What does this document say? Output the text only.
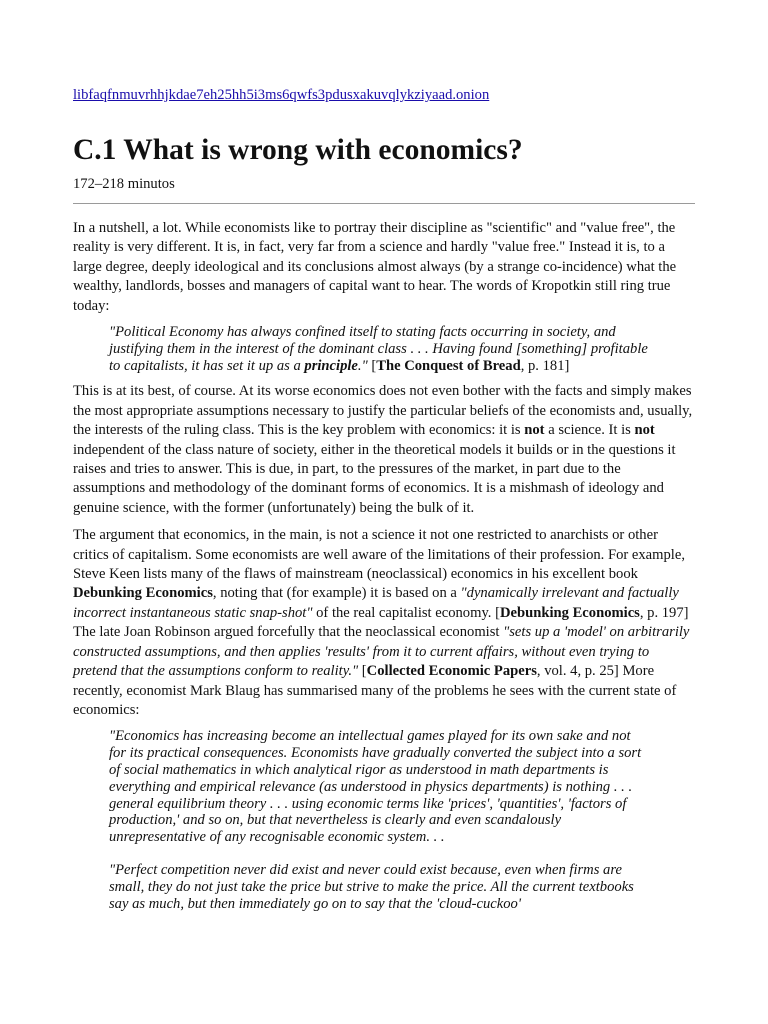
libfaqfnmuvrhhjkdae7eh25hh5i3ms6qwfs3pdusxakuvqlykziyaad.onion
C.1 What is wrong with economics?
172–218 minutos

In a nutshell, a lot. While economists like to portray their discipline as "scientific" and "value free", the reality is very different. It is, in fact, very far from a science and hardly "value free." Instead it is, to a large degree, deeply ideological and its conclusions almost always (by a strange co-incidence) what the wealthy, landlords, bosses and managers of capital want to hear. The words of Kropotkin still ring true today:

"Political Economy has always confined itself to stating facts occurring in society, and justifying them in the interest of the dominant class . . . Having found [something] profitable to capitalists, it has set it up as a principle." [The Conquest of Bread, p. 181]

This is at its best, of course. At its worse economics does not even bother with the facts and simply makes the most appropriate assumptions necessary to justify the particular beliefs of the economists and, usually, the interests of the ruling class. This is the key problem with economics: it is not a science. It is not independent of the class nature of society, either in the theoretical models it builds or in the questions it raises and tries to answer. This is due, in part, to the pressures of the market, in part due to the assumptions and methodology of the dominant forms of economics. It is a mishmash of ideology and genuine science, with the former (unfortunately) being the bulk of it.

The argument that economics, in the main, is not a science it not one restricted to anarchists or other critics of capitalism. Some economists are well aware of the limitations of their profession. For example, Steve Keen lists many of the flaws of mainstream (neoclassical) economics in his excellent book Debunking Economics, noting that (for example) it is based on a "dynamically irrelevant and factually incorrect instantaneous static snap-shot" of the real capitalist economy. [Debunking Economics, p. 197] The late Joan Robinson argued forcefully that the neoclassical economist "sets up a 'model' on arbitrarily constructed assumptions, and then applies 'results' from it to current affairs, without even trying to pretend that the assumptions conform to reality." [Collected Economic Papers, vol. 4, p. 25] More recently, economist Mark Blaug has summarised many of the problems he sees with the current state of economics:

"Economics has increasing become an intellectual games played for its own sake and not for its practical consequences. Economists have gradually converted the subject into a sort of social mathematics in which analytical rigor as understood in math departments is everything and empirical relevance (as understood in physics departments) is nothing . . . general equilibrium theory . . . using economic terms like 'prices', 'quantities', 'factors of production,' and so on, but that nevertheless is clearly and even scandalously unrepresentative of any recognisable economic system. . .

"Perfect competition never did exist and never could exist because, even when firms are small, they do not just take the price but strive to make the price. All the current textbooks say as much, but then immediately go on to say that the 'cloud-cuckoo'
